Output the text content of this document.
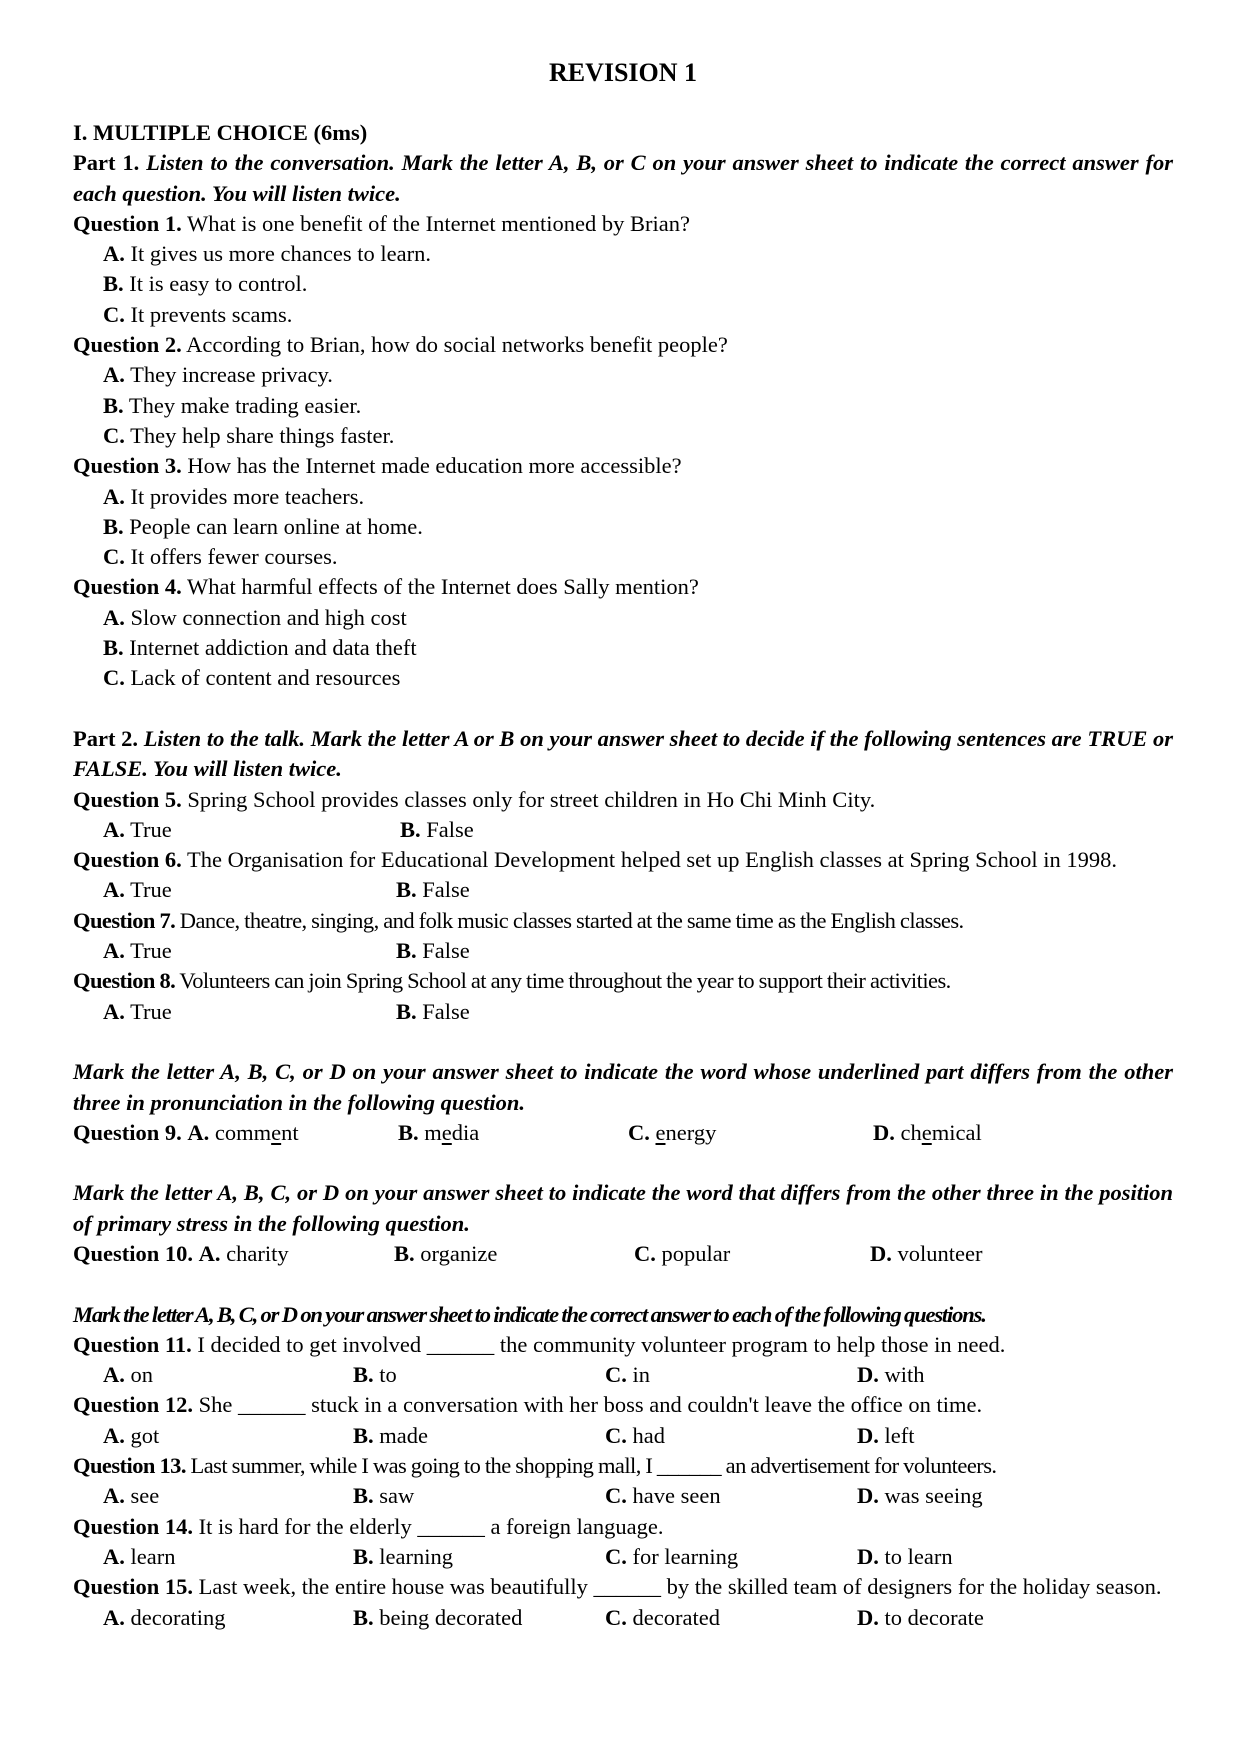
REVISION 1
I. MULTIPLE CHOICE (6ms)
Part 1. Listen to the conversation. Mark the letter A, B, or C on your answer sheet to indicate the correct answer for each question. You will listen twice.
Question 1. What is one benefit of the Internet mentioned by Brian?
A. It gives us more chances to learn.
B. It is easy to control.
C. It prevents scams.
Question 2. According to Brian, how do social networks benefit people?
A. They increase privacy.
B. They make trading easier.
C. They help share things faster.
Question 3. How has the Internet made education more accessible?
A. It provides more teachers.
B. People can learn online at home.
C. It offers fewer courses.
Question 4. What harmful effects of the Internet does Sally mention?
A. Slow connection and high cost
B. Internet addiction and data theft
C. Lack of content and resources
Part 2. Listen to the talk. Mark the letter A or B on your answer sheet to decide if the following sentences are TRUE or FALSE. You will listen twice.
Question 5. Spring School provides classes only for street children in Ho Chi Minh City.
A. True	B. False
Question 6. The Organisation for Educational Development helped set up English classes at Spring School in 1998.
A. True	B. False
Question 7. Dance, theatre, singing, and folk music classes started at the same time as the English classes.
A. True	B. False
Question 8. Volunteers can join Spring School at any time throughout the year to support their activities.
A. True	B. False
Mark the letter A, B, C, or D on your answer sheet to indicate the word whose underlined part differs from the other three in pronunciation in the following question.
Question 9. A. comment	B. media	C. energy	D. chemical
Mark the letter A, B, C, or D on your answer sheet to indicate the word that differs from the other three in the position of primary stress in the following question.
Question 10. A. charity	B. organize	C. popular	D. volunteer
Mark the letter A, B, C, or D on your answer sheet to indicate the correct answer to each of the following questions.
Question 11. I decided to get involved ______ the community volunteer program to help those in need.
A. on	B. to	C. in	D. with
Question 12. She ______ stuck in a conversation with her boss and couldn't leave the office on time.
A. got	B. made	C. had	D. left
Question 13. Last summer, while I was going to the shopping mall, I ______ an advertisement for volunteers.
A. see	B. saw	C. have seen	D. was seeing
Question 14. It is hard for the elderly ______ a foreign language.
A. learn	B. learning	C. for learning	D. to learn
Question 15. Last week, the entire house was beautifully ______ by the skilled team of designers for the holiday season.
A. decorating	B. being decorated	C. decorated	D. to decorate
